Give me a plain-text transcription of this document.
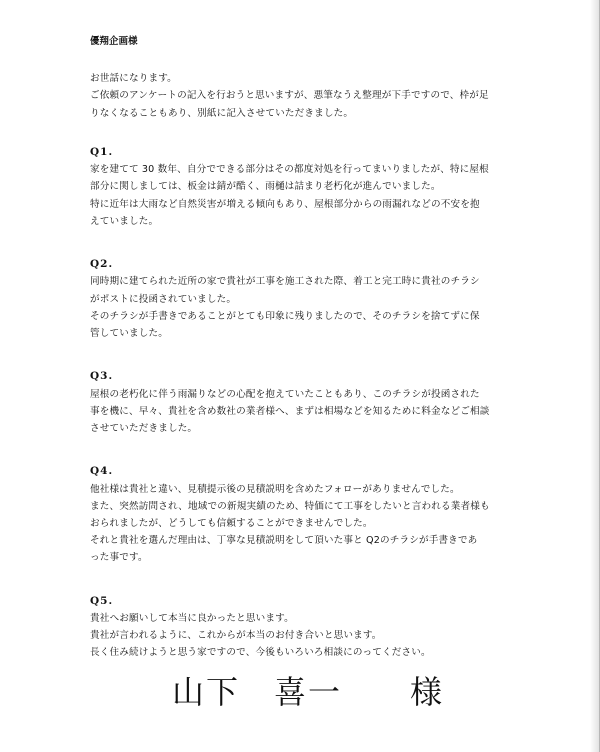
優翔企画様

お世話になります。

ご依頼のアンケートの記入を行おうと思いますが、悪筆なうえ整理が下手ですので、枠が足

りなくなることもあり、別紙に記入させていただきました。

Q1.

家を建てて 30 数年、自分でできる部分はその都度対処を行ってまいりましたが、特に屋根

部分に関しましては、板金は錆が酷く、雨樋は詰まり老朽化が進んでいました。

特に近年は大雨など自然災害が増える傾向もあり、屋根部分からの雨漏れなどの不安を抱

えていました。

Q2.

同時期に建てられた近所の家で貴社が工事を施工された際、着工と完工時に貴社のチラシ

がポストに投函されていました。

そのチラシが手書きであることがとても印象に残りましたので、そのチラシを捨てずに保

管していました。

Q3.

屋根の老朽化に伴う雨漏りなどの心配を抱えていたこともあり、このチラシが投函された

事を機に、早々、貴社を含め数社の業者様へ、まずは相場などを知るために料金などご相談

させていただきました。

Q4.

他社様は貴社と違い、見積提示後の見積説明を含めたフォローがありませんでした。

また、突然訪問され、地域での新規実績のため、特価にて工事をしたいと言われる業者様も

おられましたが、どうしても信頼することができませんでした。

それと貴社を選んだ理由は、丁寧な見積説明をして頂いた事と Q2のチラシが手書きであ

った事です。

Q5.

貴社へお願いして本当に良かったと思います。

貴社が言われるように、これからが本当のお付き合いと思います。

長く住み続けようと思う家ですので、今後もいろいろ相談にのってください。

山下　喜一　　様
